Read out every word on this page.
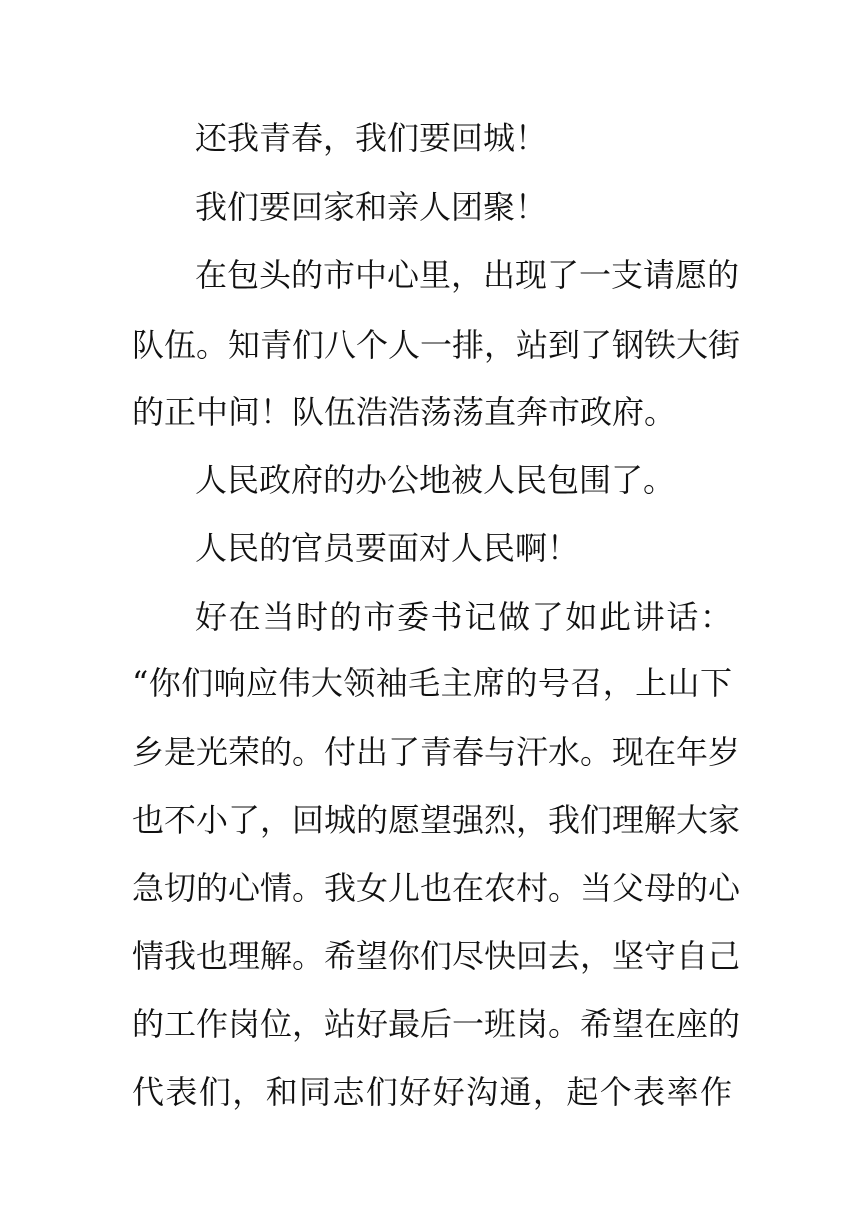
还我青春，我们要回城！
我们要回家和亲人团聚！
在包头的市中心里，出现了一支请愿的
队伍。知青们八个人一排，站到了钢铁大街
的正中间！队伍浩浩荡荡直奔市政府。
人民政府的办公地被人民包围了。
人民的官员要面对人民啊！
好在当时的市委书记做了如此讲话：
“你们响应伟大领袖毛主席的号召，上山下
乡是光荣的。付出了青春与汗水。现在年岁
也不小了，回城的愿望强烈，我们理解大家
急切的心情。我女儿也在农村。当父母的心
情我也理解。希望你们尽快回去，坚守自己
的工作岗位，站好最后一班岗。希望在座的
代表们，和同志们好好沟通，起个表率作
